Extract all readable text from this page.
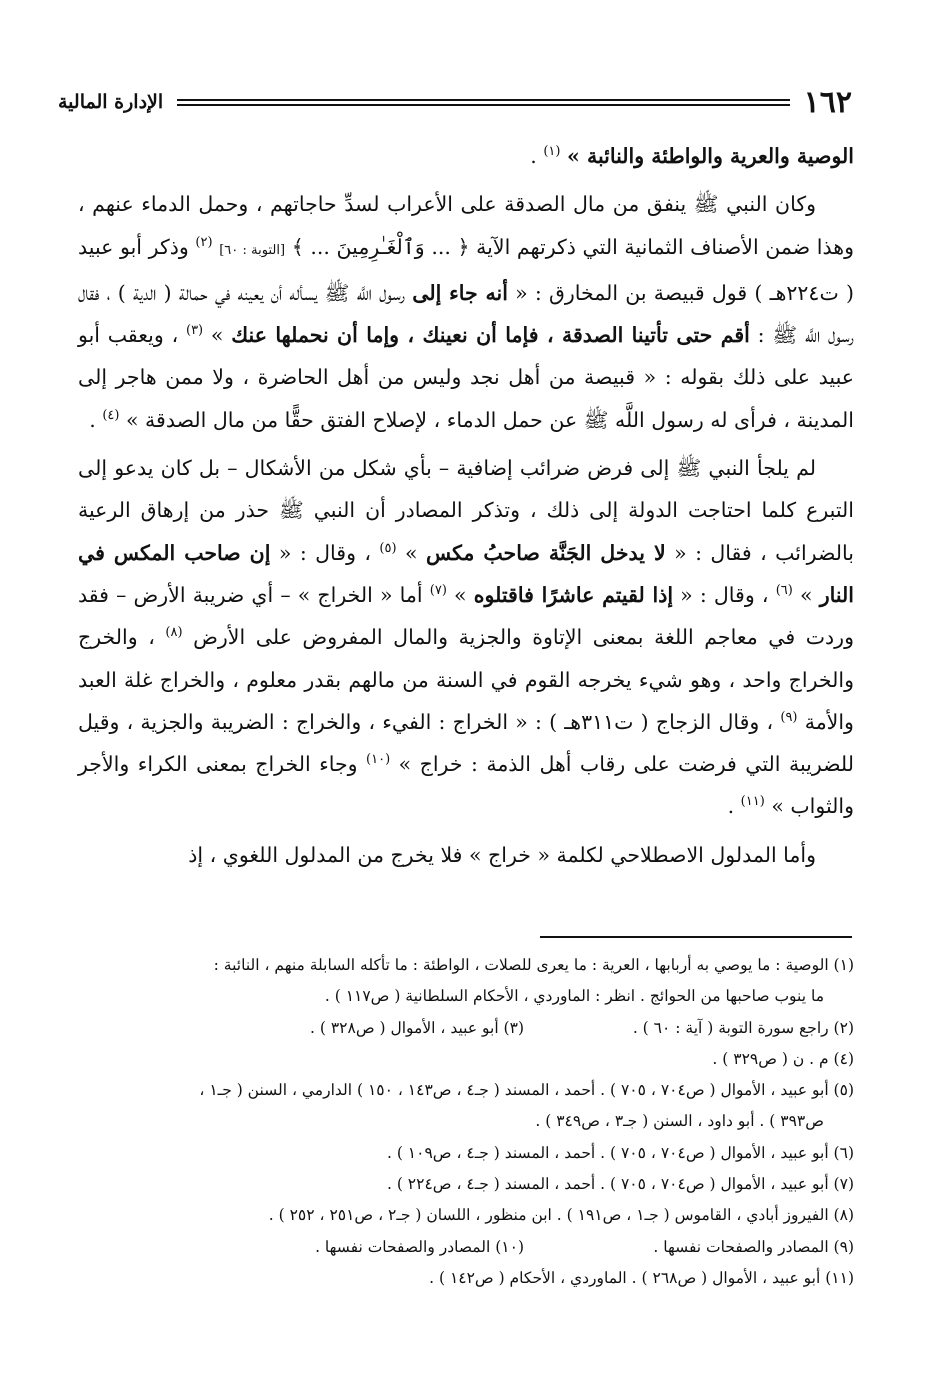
١٦٢
الإدارة المالية

الوصية والعرية والواطئة والنائبة » $^{(١)}$ .

وكان النبي ﷺ ينفق من مال الصدقة على الأعراب لسدِّ حاجاتهم ، وحمل الدماء عنهم ، وهذا ضمن الأصناف الثمانية التي ذكرتهم الآية ﴿ ... وَٱلْغَـٰرِمِينَ ... ﴾ [التوبة : ٦٠] $^{(٢)}$ وذكر أبو عبيد ( ت٢٢٤هـ ) قول قبيصة بن المخارق : « أنه جاء إلى رسول اللَّه ﷺ يسأله أن يعينه في حمالة ( الدية ) ، فقال رسول اللَّه ﷺ : أقم حتى تأتينا الصدقة ، فإما أن نعينك ، وإما أن نحملها عنك » $^{(٣)}$ ، ويعقب أبو عبيد على ذلك بقوله : « قبيصة من أهل نجد وليس من أهل الحاضرة ، ولا ممن هاجر إلى المدينة ، فرأى له رسول اللَّه ﷺ عن حمل الدماء ، لإصلاح الفتق حقًّا من مال الصدقة » $^{(٤)}$ .

لم يلجأ النبي ﷺ إلى فرض ضرائب إضافية – بأي شكل من الأشكال – بل كان يدعو إلى التبرع كلما احتاجت الدولة إلى ذلك ، وتذكر المصادر أن النبي ﷺ حذر من إرهاق الرعية بالضرائب ، فقال : « لا يدخل الجَنَّة صاحبُ مكس » $^{(٥)}$ ، وقال : « إن صاحب المكس في النار » $^{(٦)}$ ، وقال : « إذا لقيتم عاشرًا فاقتلوه » $^{(٧)}$ أما « الخراج » – أي ضريبة الأرض – فقد وردت في معاجم اللغة بمعنى الإتاوة والجزية والمال المفروض على الأرض $^{(٨)}$ ، والخرج والخراج واحد ، وهو شيء يخرجه القوم في السنة من مالهم بقدر معلوم ، والخراج غلة العبد والأمة $^{(٩)}$ ، وقال الزجاج ( ت٣١١هـ ) : « الخراج : الفيء ، والخراج : الضريبة والجزية ، وقيل للضريبة التي فرضت على رقاب أهل الذمة : خراج » $^{(١٠)}$ وجاء الخراج بمعنى الكراء والأجر والثواب » $^{(١١)}$ .

وأما المدلول الاصطلاحي لكلمة « خراج » فلا يخرج من المدلول اللغوي ، إذ

(١) الوصية : ما يوصي به أربابها ، العرية : ما يعرى للصلات ، الواطئة : ما تأكله السابلة منهم ، النائبة :
ما ينوب صاحبها من الحوائج . انظر : الماوردي ، الأحكام السلطانية ( ص١١٧ ) .
(٢) راجع سورة التوبة ( آية : ٦٠ ) .
(٣) أبو عبيد ، الأموال ( ص٣٢٨ ) .
(٤) م . ن ( ص٣٢٩ ) .
(٥) أبو عبيد ، الأموال ( ص٧٠٤ ، ٧٠٥ ) . أحمد ، المسند ( جـ٤ ، ص١٤٣ ، ١٥٠ ) الدارمي ، السنن ( جـ١ ،
ص٣٩٣ ) . أبو داود ، السنن ( جـ٣ ، ص٣٤٩ ) .
(٦) أبو عبيد ، الأموال ( ص٧٠٤ ، ٧٠٥ ) . أحمد ، المسند ( جـ٤ ، ص١٠٩ ) .
(٧) أبو عبيد ، الأموال ( ص٧٠٤ ، ٧٠٥ ) . أحمد ، المسند ( جـ٤ ، ص٢٢٤ ) .
(٨) الفيروز أبادي ، القاموس ( جـ١ ، ص١٩١ ) . ابن منظور ، اللسان ( جـ٢ ، ص٢٥١ ، ٢٥٢ ) .
(٩) المصادر والصفحات نفسها .
(١٠) المصادر والصفحات نفسها .
(١١) أبو عبيد ، الأموال ( ص٢٦٨ ) . الماوردي ، الأحكام ( ص١٤٢ ) .
